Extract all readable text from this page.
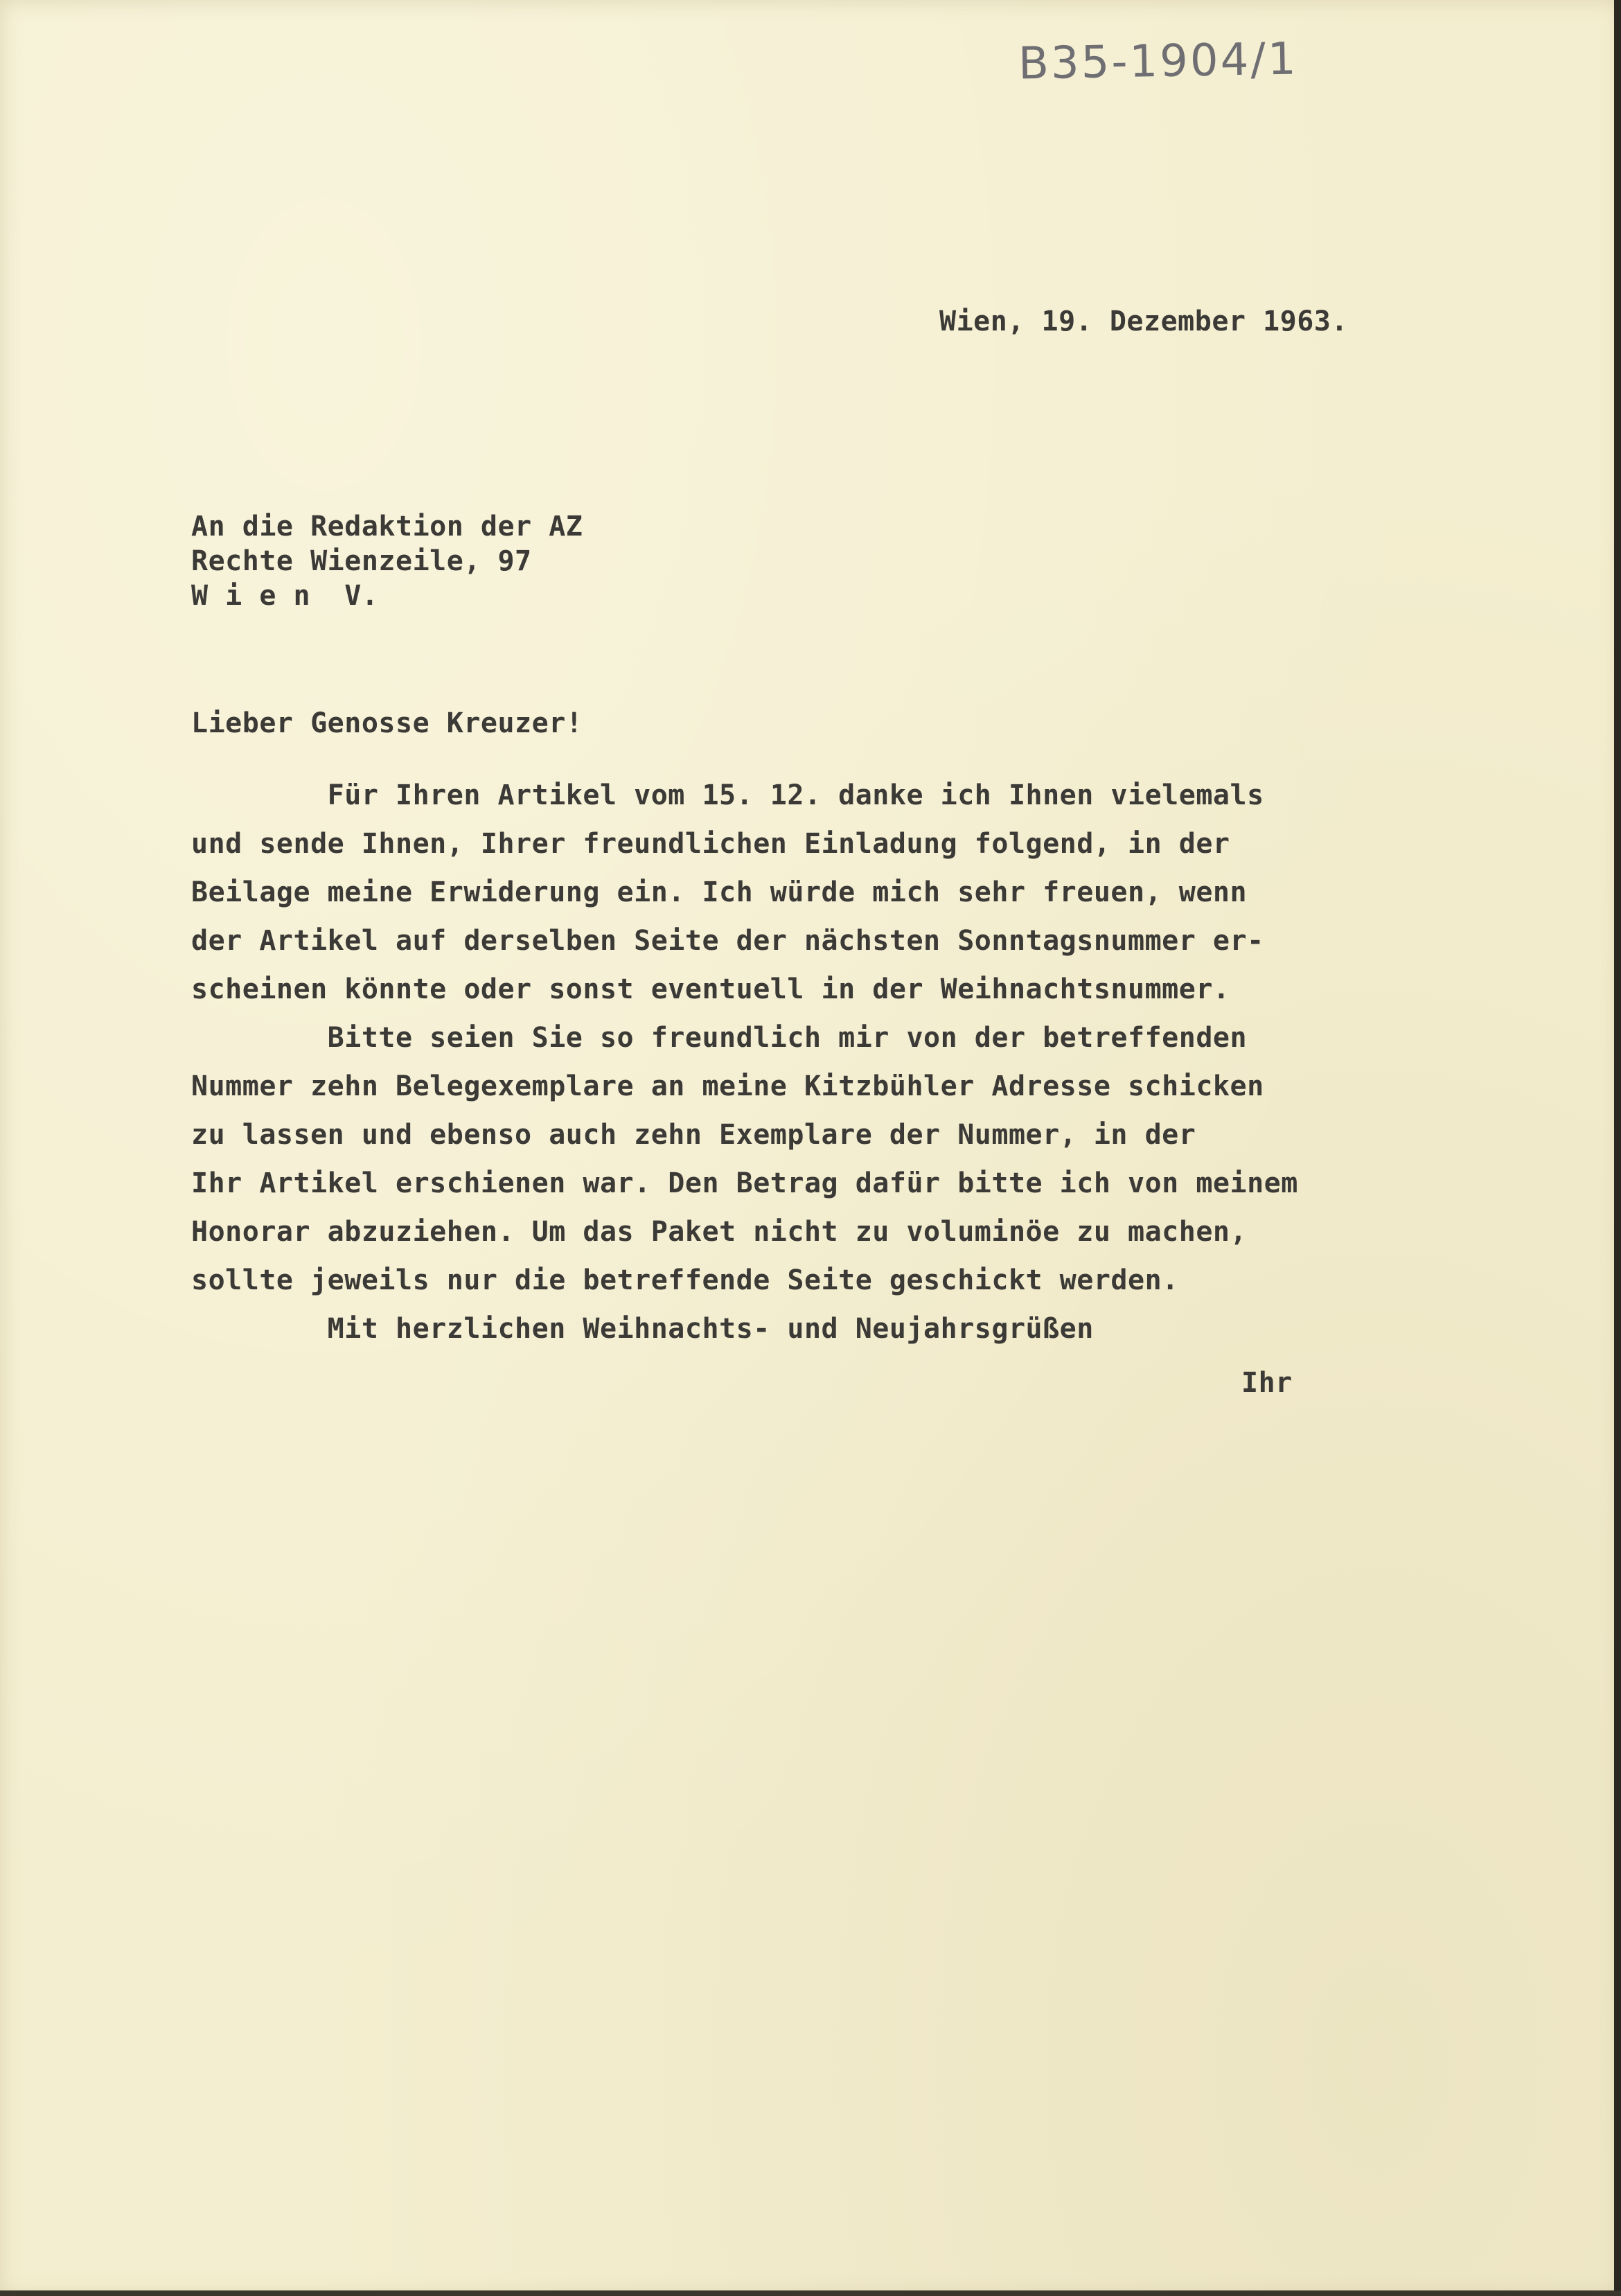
B35-1904/1
Wien, 19. Dezember 1963.
An die Redaktion der AZ
Rechte Wienzeile, 97
W i e n  V.
Lieber Genosse Kreuzer!
Für Ihren Artikel vom 15. 12. danke ich Ihnen vielemals
und sende Ihnen, Ihrer freundlichen Einladung folgend, in der
Beilage meine Erwiderung ein. Ich würde mich sehr freuen, wenn
der Artikel auf derselben Seite der nächsten Sonntagsnummer er-
scheinen könnte oder sonst eventuell in der Weihnachtsnummer.
Bitte seien Sie so freundlich mir von der betreffenden
Nummer zehn Belegexemplare an meine Kitzbühler Adresse schicken
zu lassen und ebenso auch zehn Exemplare der Nummer, in der
Ihr Artikel erschienen war. Den Betrag dafür bitte ich von meinem
Honorar abzuziehen. Um das Paket nicht zu voluminöe zu machen,
sollte jeweils nur die betreffende Seite geschickt werden.
Mit herzlichen Weihnachts- und Neujahrsgrüßen
Ihr
